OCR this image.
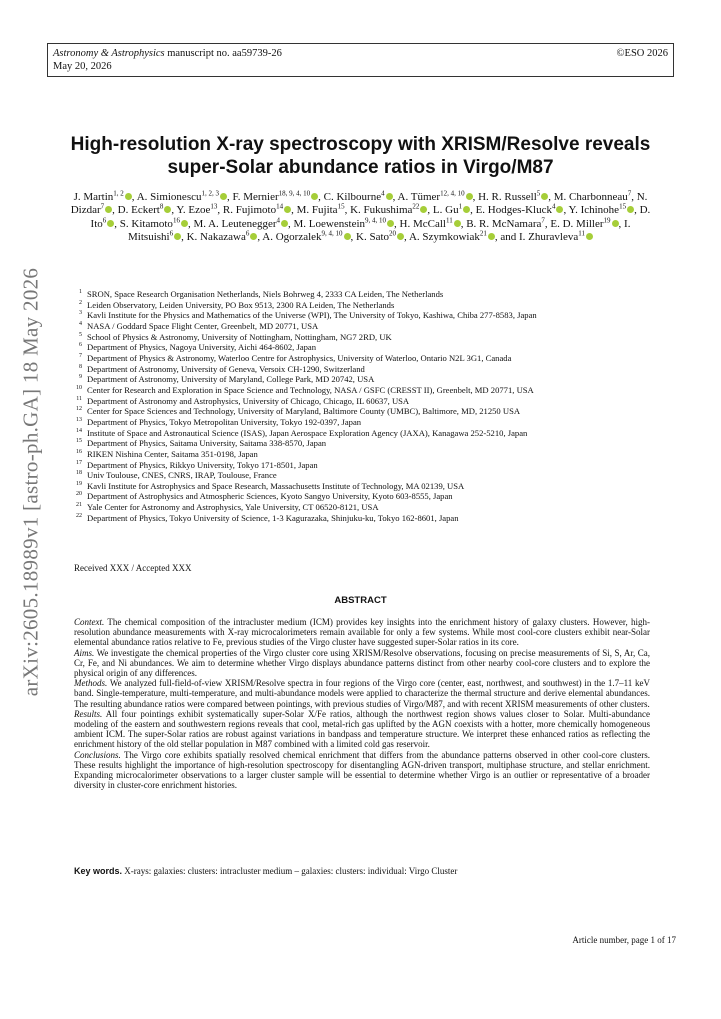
Astronomy & Astrophysics manuscript no. aa59739-26
May 20, 2026
©ESO 2026
arXiv:2605.18989v1 [astro-ph.GA] 18 May 2026
High-resolution X-ray spectroscopy with XRISM/Resolve reveals super-Solar abundance ratios in Virgo/M87
J. Martin$^{1, 2}$ , A. Simionescu$^{1, 2, 3}$ , F. Mernier$^{18, 9, 4, 10}$ , C. Kilbourne$^4$ , A. Tümer$^{12, 4, 10}$ , H. R. Russell$^5$ , M. Charbonneau$^7$, N. Dizdar$^7$ , D. Eckert$^8$ , Y. Ezoe$^{13}$, R. Fujimoto$^{14}$ , M. Fujita$^{15}$, K. Fukushima$^{22}$ , L. Gu$^1$ , E. Hodges-Kluck$^4$ , Y. Ichinohe$^{15}$ , D. Ito$^6$ , S. Kitamoto$^{16}$ , M. A. Leutenegger$^4$ , M. Loewenstein$^{9, 4, 10}$ , H. McCall$^{11}$ , B. R. McNamara$^7$, E. D. Miller$^{19}$ , I. Mitsuishi$^6$ , K. Nakazawa$^6$ , A. Ogorzalek$^{9, 4, 10}$ , K. Sato$^{20}$ , A. Szymkowiak$^{21}$ , and I. Zhuravleva$^{11}$
1 SRON, Space Research Organisation Netherlands, Niels Bohrweg 4, 2333 CA Leiden, The Netherlands
2 Leiden Observatory, Leiden University, PO Box 9513, 2300 RA Leiden, The Netherlands
3 Kavli Institute for the Physics and Mathematics of the Universe (WPI), The University of Tokyo, Kashiwa, Chiba 277-8583, Japan
4 NASA / Goddard Space Flight Center, Greenbelt, MD 20771, USA
5 School of Physics & Astronomy, University of Nottingham, Nottingham, NG7 2RD, UK
6 Department of Physics, Nagoya University, Aichi 464-8602, Japan
7 Department of Physics & Astronomy, Waterloo Centre for Astrophysics, University of Waterloo, Ontario N2L 3G1, Canada
8 Department of Astronomy, University of Geneva, Versoix CH-1290, Switzerland
9 Department of Astronomy, University of Maryland, College Park, MD 20742, USA
10 Center for Research and Exploration in Space Science and Technology, NASA / GSFC (CRESST II), Greenbelt, MD 20771, USA
11 Department of Astronomy and Astrophysics, University of Chicago, Chicago, IL 60637, USA
12 Center for Space Sciences and Technology, University of Maryland, Baltimore County (UMBC), Baltimore, MD, 21250 USA
13 Department of Physics, Tokyo Metropolitan University, Tokyo 192-0397, Japan
14 Institute of Space and Astronautical Science (ISAS), Japan Aerospace Exploration Agency (JAXA), Kanagawa 252-5210, Japan
15 Department of Physics, Saitama University, Saitama 338-8570, Japan
16 RIKEN Nishina Center, Saitama 351-0198, Japan
17 Department of Physics, Rikkyo University, Tokyo 171-8501, Japan
18 Univ Toulouse, CNES, CNRS, IRAP, Toulouse, France
19 Kavli Institute for Astrophysics and Space Research, Massachusetts Institute of Technology, MA 02139, USA
20 Department of Astrophysics and Atmospheric Sciences, Kyoto Sangyo University, Kyoto 603-8555, Japan
21 Yale Center for Astronomy and Astrophysics, Yale University, CT 06520-8121, USA
22 Department of Physics, Tokyo University of Science, 1-3 Kagurazaka, Shinjuku-ku, Tokyo 162-8601, Japan
Received XXX / Accepted XXX
ABSTRACT

Context. The chemical composition of the intracluster medium (ICM) provides key insights into the enrichment history of galaxy clusters. However, high-resolution abundance measurements with X-ray microcalorimeters remain available for only a few systems. While most cool-core clusters exhibit near-Solar elemental abundance ratios relative to Fe, previous studies of the Virgo cluster have suggested super-Solar ratios in its core.

Aims. We investigate the chemical properties of the Virgo cluster core using XRISM/Resolve observations, focusing on precise measurements of Si, S, Ar, Ca, Cr, Fe, and Ni abundances. We aim to determine whether Virgo displays abundance patterns distinct from other nearby cool-core clusters and to explore the physical origin of any differences.

Methods. We analyzed full-field-of-view XRISM/Resolve spectra in four regions of the Virgo core (center, east, northwest, and southwest) in the 1.7–11 keV band. Single-temperature, multi-temperature, and multi-abundance models were applied to characterize the thermal structure and derive elemental abundances. The resulting abundance ratios were compared between pointings, with previous studies of Virgo/M87, and with recent XRISM measurements of other clusters.

Results. All four pointings exhibit systematically super-Solar X/Fe ratios, although the northwest region shows values closer to Solar. Multi-abundance modeling of the eastern and southwestern regions reveals that cool, metal-rich gas uplifted by the AGN coexists with a hotter, more chemically homogeneous ambient ICM. The super-Solar ratios are robust against variations in bandpass and temperature structure. We interpret these enhanced ratios as reflecting the enrichment history of the old stellar population in M87 combined with a limited cold gas reservoir.

Conclusions. The Virgo core exhibits spatially resolved chemical enrichment that differs from the abundance patterns observed in other cool-core clusters. These results highlight the importance of high-resolution spectroscopy for disentangling AGN-driven transport, multiphase structure, and stellar enrichment. Expanding microcalorimeter observations to a larger cluster sample will be essential to determine whether Virgo is an outlier or representative of a broader diversity in cluster-core enrichment histories.

Key words. X-rays: galaxies: clusters: intracluster medium – galaxies: clusters: individual: Virgo Cluster
Article number, page 1 of 17
